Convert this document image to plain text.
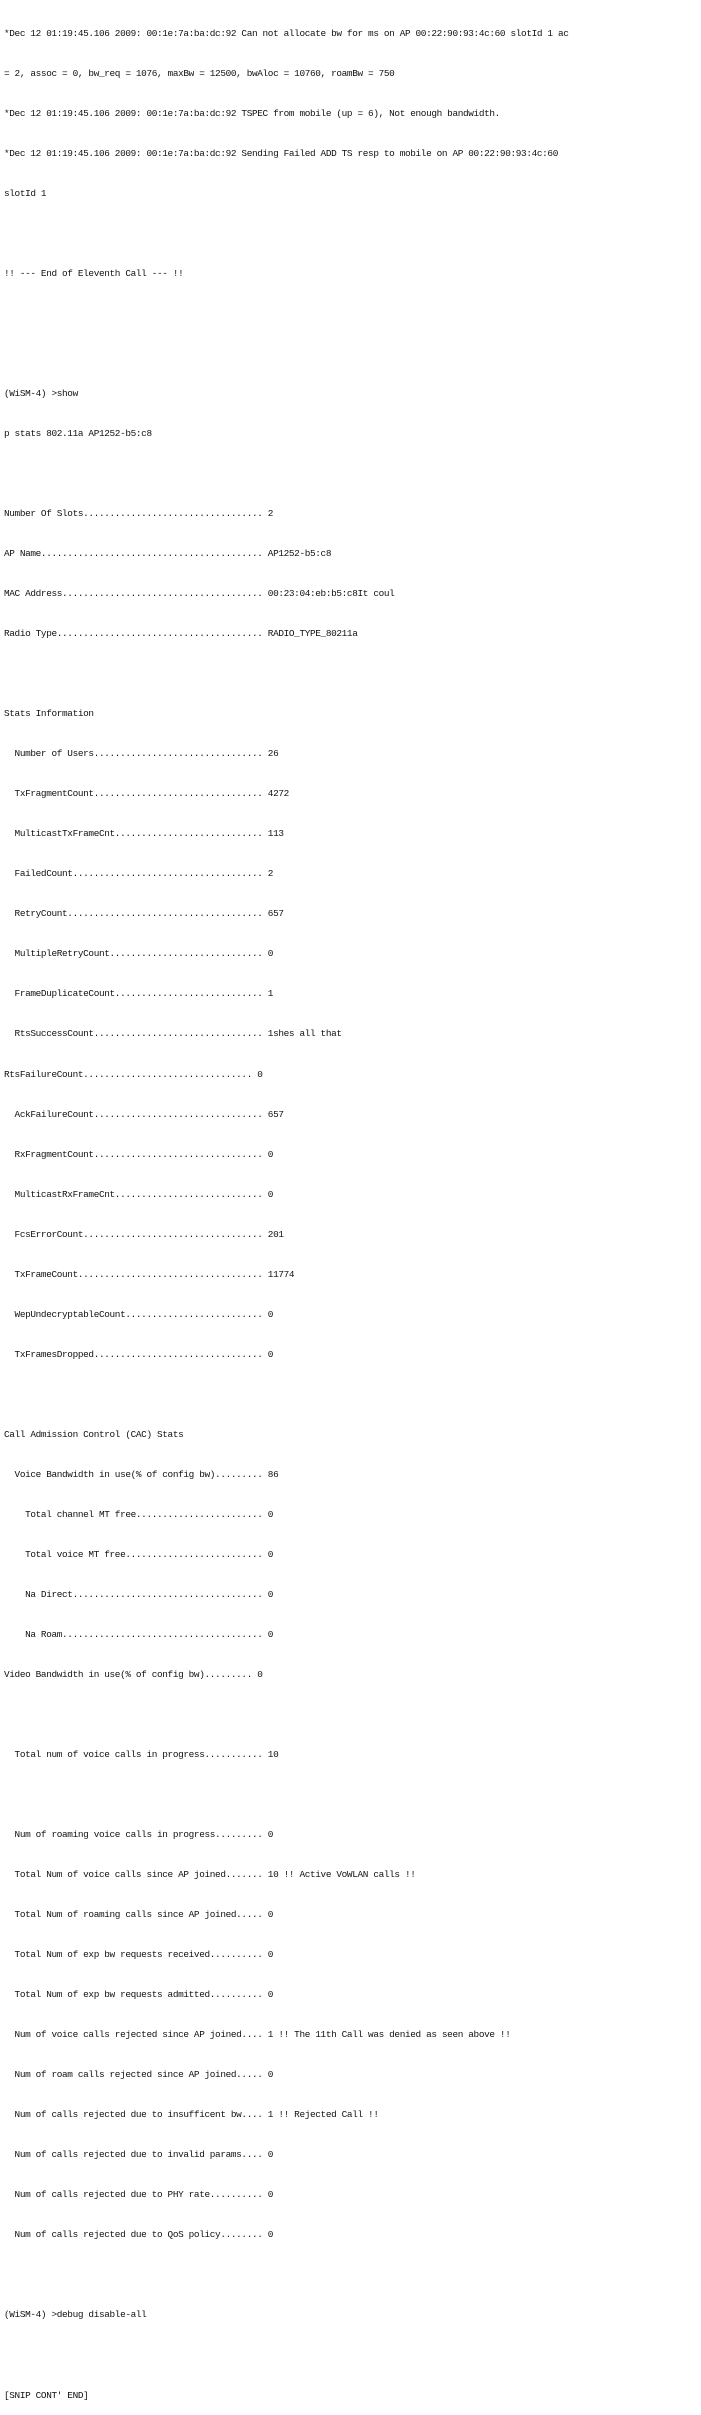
*Dec 12 01:19:45.106 2009: 00:1e:7a:ba:dc:92 Can not allocate bw for ms on AP 00:22:90:93:4c:60 slotId 1 ac

= 2, assoc = 0, bw_req = 1076, maxBw = 12500, bwAloc = 10760, roamBw = 750

*Dec 12 01:19:45.106 2009: 00:1e:7a:ba:dc:92 TSPEC from mobile (up = 6), Not enough bandwidth.

*Dec 12 01:19:45.106 2009: 00:1e:7a:ba:dc:92 Sending Failed ADD TS resp to mobile on AP 00:22:90:93:4c:60

slotId 1

!! --- End of Eleventh Call --- !!

(WiSM-4) >show

p stats 802.11a AP1252-b5:c8

Number Of Slots.................................. 2

AP Name.......................................... AP1252-b5:c8

MAC Address...................................... 00:23:04:eb:b5:c8It coul

Radio Type....................................... RADIO_TYPE_80211a

Stats Information

Number of Users................................ 26

TxFragmentCount................................ 4272

MulticastTxFrameCnt............................ 113

FailedCount.................................... 2

RetryCount..................................... 657

MultipleRetryCount............................. 0

FrameDuplicateCount............................ 1

RtsSuccessCount................................ 1shes all that

RtsFailureCount................................ 0

AckFailureCount................................ 657

RxFragmentCount................................ 0

MulticastRxFrameCnt............................ 0

FcsErrorCount.................................. 201

TxFrameCount................................... 11774

WepUndecryptableCount.......................... 0

TxFramesDropped................................ 0

Call Admission Control (CAC) Stats

Voice Bandwidth in use(% of config bw)......... 86

Total channel MT free........................ 0

Total voice MT free.......................... 0

Na Direct.................................... 0

Na Roam...................................... 0

Video Bandwidth in use(% of config bw)......... 0

Total num of voice calls in progress........... 10

Num of roaming voice calls in progress......... 0

Total Num of voice calls since AP joined....... 10 !! Active VoWLAN calls !!

Total Num of roaming calls since AP joined..... 0

Total Num of exp bw requests received.......... 0

Total Num of exp bw requests admitted.......... 0

Num of voice calls rejected since AP joined.... 1 !! The 11th Call was denied as seen above !!

Num of roam calls rejected since AP joined..... 0

Num of calls rejected due to insufficent bw.... 1 !! Rejected Call !!

Num of calls rejected due to invalid params.... 0

Num of calls rejected due to PHY rate.......... 0

Num of calls rejected due to QoS policy........ 0

(WiSM-4) >debug disable-all

[SNIP CONT' END]
